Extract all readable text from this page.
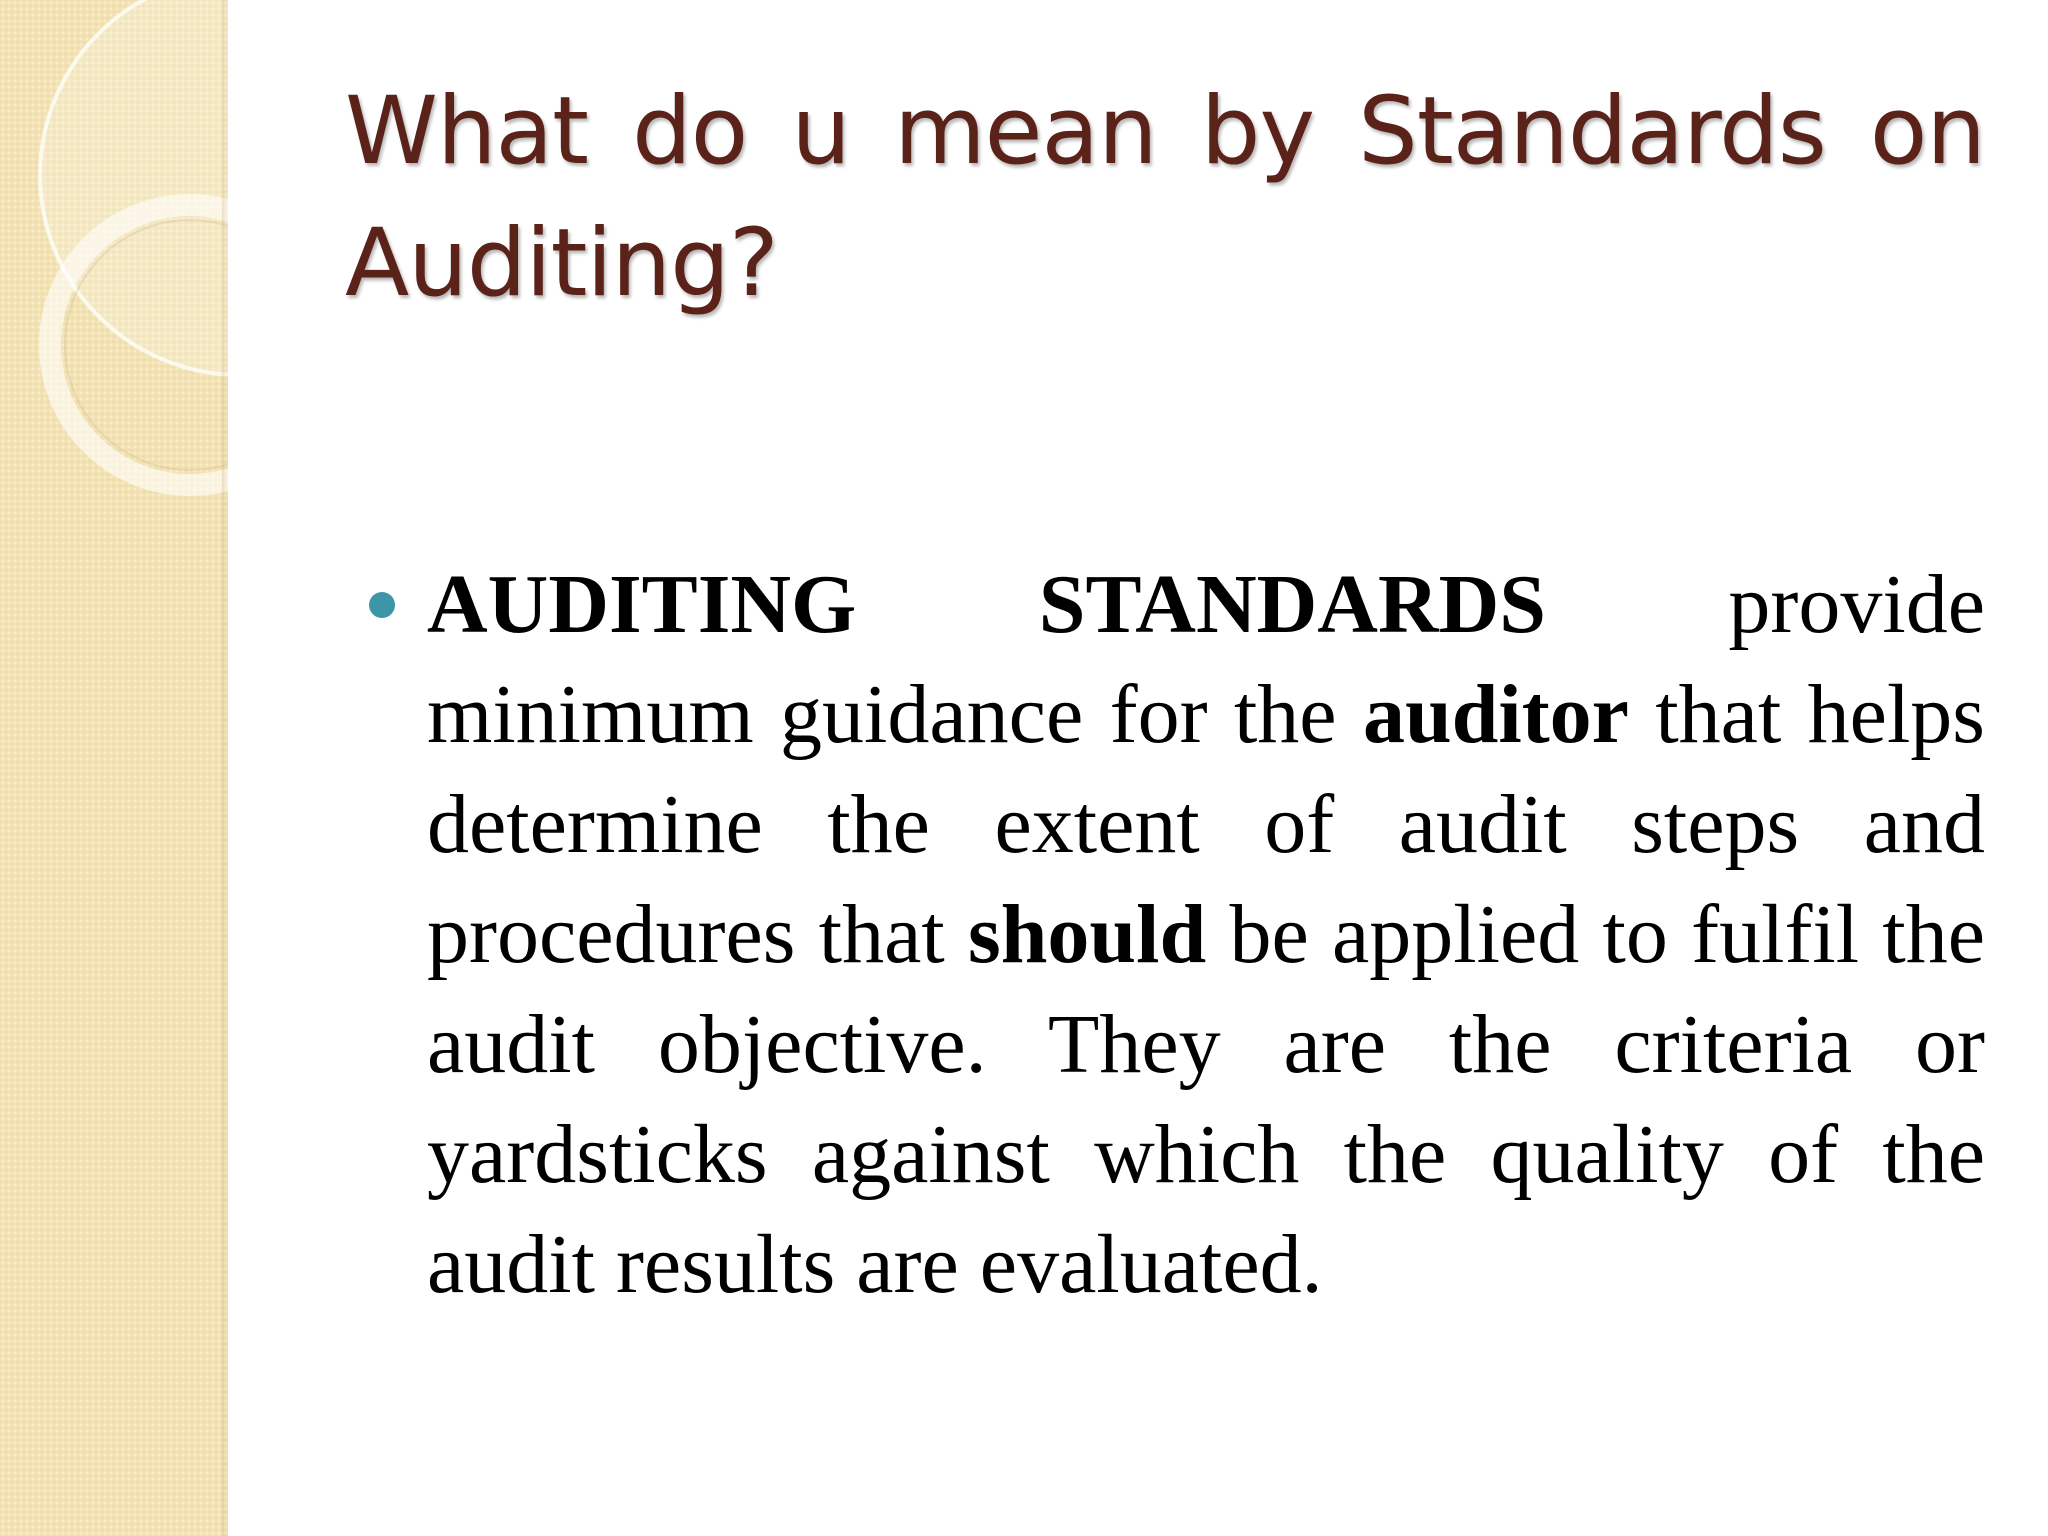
What do u mean by Standards on Auditing?
AUDITING STANDARDS provide minimum guidance for the auditor that helps determine the extent of audit steps and procedures that should be applied to fulfil the audit objective. They are the criteria or yardsticks against which the quality of the audit results are evaluated.
